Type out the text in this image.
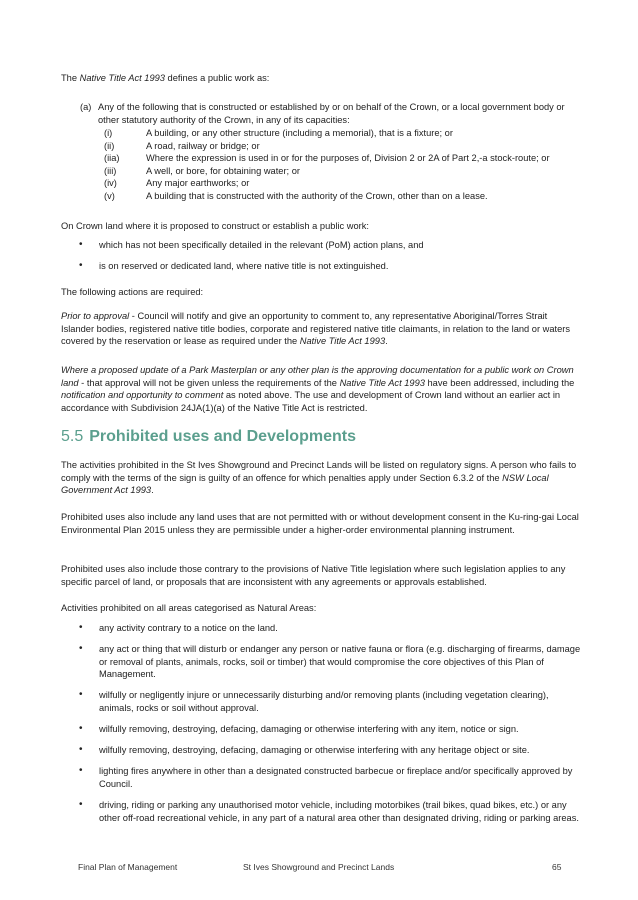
The Native Title Act 1993 defines a public work as:

(a) Any of the following that is constructed or established by or on behalf of the Crown, or a local government body or other statutory authority of the Crown, in any of its capacities:
(i)	A building, or any other structure (including a memorial), that is a fixture; or
(ii)	A road, railway or bridge; or
(iia)	Where the expression is used in or for the purposes of, Division 2 or 2A of Part 2,-a stock-route; or
(iii)	A well, or bore, for obtaining water; or
(iv)	Any major earthworks; or
(v)	A building that is constructed with the authority of the Crown, other than on a lease.

On Crown land where it is proposed to construct or establish a public work:

•	which has not been specifically detailed in the relevant (PoM) action plans, and
•	is on reserved or dedicated land, where native title is not extinguished.

The following actions are required:

Prior to approval - Council will notify and give an opportunity to comment to, any representative Aboriginal/Torres Strait Islander bodies, registered native title bodies, corporate and registered native title claimants, in relation to the land or waters covered by the reservation or lease as required under the Native Title Act 1993.

Where a proposed update of a Park Masterplan or any other plan is the approving documentation for a public work on Crown land - that approval will not be given unless the requirements of the Native Title Act 1993 have been addressed, including the notification and opportunity to comment as noted above. The use and development of Crown land without an earlier act in accordance with Subdivision 24JA(1)(a) of the Native Title Act is restricted.

5.5 Prohibited uses and Developments

The activities prohibited in the St Ives Showground and Precinct Lands will be listed on regulatory signs. A person who fails to comply with the terms of the sign is guilty of an offence for which penalties apply under Section 6.3.2 of the NSW Local Government Act 1993.

Prohibited uses also include any land uses that are not permitted with or without development consent in the Ku-ring-gai Local Environmental Plan 2015 unless they are permissible under a higher-order environmental planning instrument.

Prohibited uses also include those contrary to the provisions of Native Title legislation where such legislation applies to any specific parcel of land, or proposals that are inconsistent with any agreements or approvals established.

Activities prohibited on all areas categorised as Natural Areas:

•	any activity contrary to a notice on the land.
•	any act or thing that will disturb or endanger any person or native fauna or flora (e.g. discharging of firearms, damage or removal of plants, animals, rocks, soil or timber) that would compromise the core objectives of this Plan of Management.
•	wilfully or negligently injure or unnecessarily disturbing and/or removing plants (including vegetation clearing), animals, rocks or soil without approval.
•	wilfully removing, destroying, defacing, damaging or otherwise interfering with any item, notice or sign.
•	wilfully removing, destroying, defacing, damaging or otherwise interfering with any heritage object or site.
•	lighting fires anywhere in other than a designated constructed barbecue or fireplace and/or specifically approved by Council.
•	driving, riding or parking any unauthorised motor vehicle, including motorbikes (trail bikes, quad bikes, etc.) or any other off-road recreational vehicle, in any part of a natural area other than designated driving, riding or parking areas.
Final Plan of Management	St Ives Showground and Precinct Lands	65
